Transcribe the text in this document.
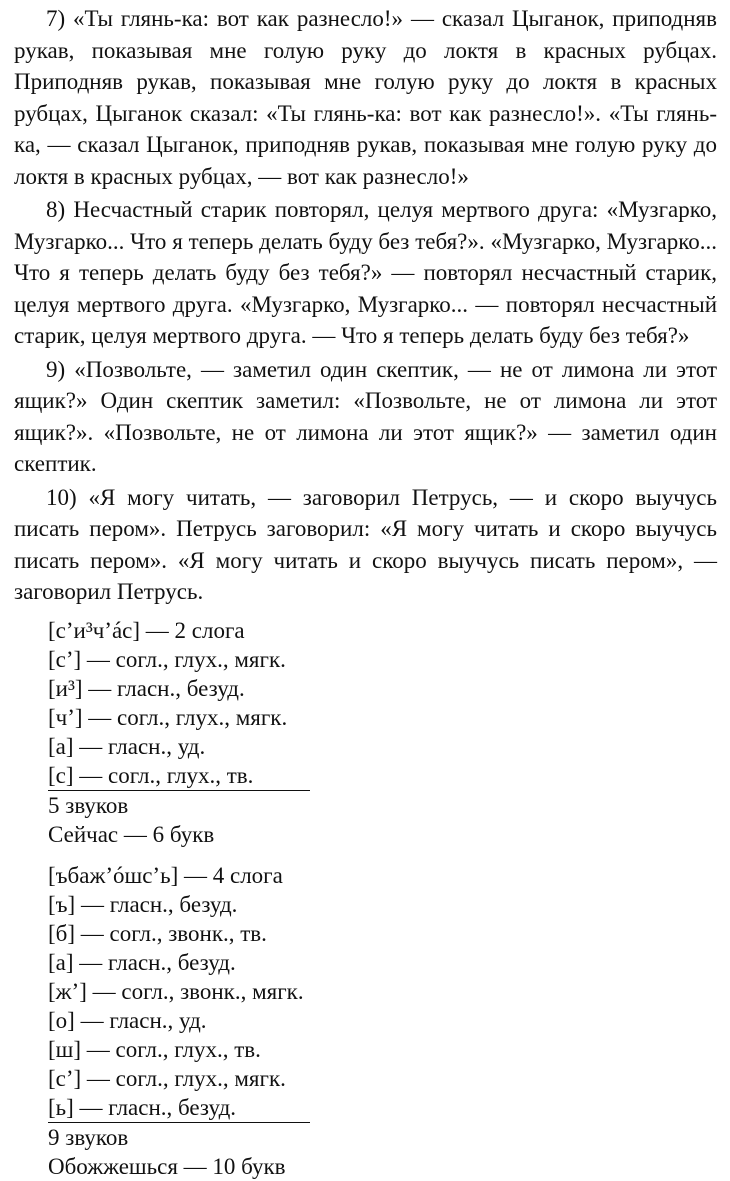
7) «Ты глянь-ка: вот как разнесло!» — сказал Цыганок, приподняв рукав, показывая мне голую руку до локтя в красных рубцах. Приподняв рукав, показывая мне голую руку до локтя в красных рубцах, Цыганок сказал: «Ты глянь-ка: вот как разнесло!». «Ты глянь-ка, — сказал Цыганок, приподняв рукав, показывая мне голую руку до локтя в красных рубцах, — вот как разнесло!»

8) Несчастный старик повторял, целуя мертвого друга: «Музгарко, Музгарко... Что я теперь делать буду без тебя?». «Музгарко, Музгарко... Что я теперь делать буду без тебя?» — повторял несчастный старик, целуя мертвого друга. «Музгарко, Музгарко... — повторял несчастный старик, целуя мертвого друга. — Что я теперь делать буду без тебя?»

9) «Позвольте, — заметил один скептик, — не от лимона ли этот ящик?» Один скептик заметил: «Позвольте, не от лимона ли этот ящик?». «Позвольте, не от лимона ли этот ящик?» — заметил один скептик.

10) «Я могу читать, — заговорил Петрусь, — и скоро выучусь писать пером». Петрусь заговорил: «Я могу читать и скоро выучусь писать пером». «Я могу читать и скоро выучусь писать пером», — заговорил Петрусь.

[с’и³ч’ác] — 2 слога

[с’] — согл., глух., мягк.

[и³] — гласн., безуд.

[ч’] — согл., глух., мягк.

[а] — гласн., уд.

[с] — согл., глух., тв.

5 звуков

Сейчас — 6 букв

[ъбаж’óшс’ь] — 4 слога

[ъ] — гласн., безуд.

[б] — согл., звонк., тв.

[а] — гласн., безуд.

[ж’] — согл., звонк., мягк.

[о] — гласн., уд.

[ш] — согл., глух., тв.

[с’] — согл., глух., мягк.

[ь] — гласн., безуд.

9 звуков

Обожжешься — 10 букв
